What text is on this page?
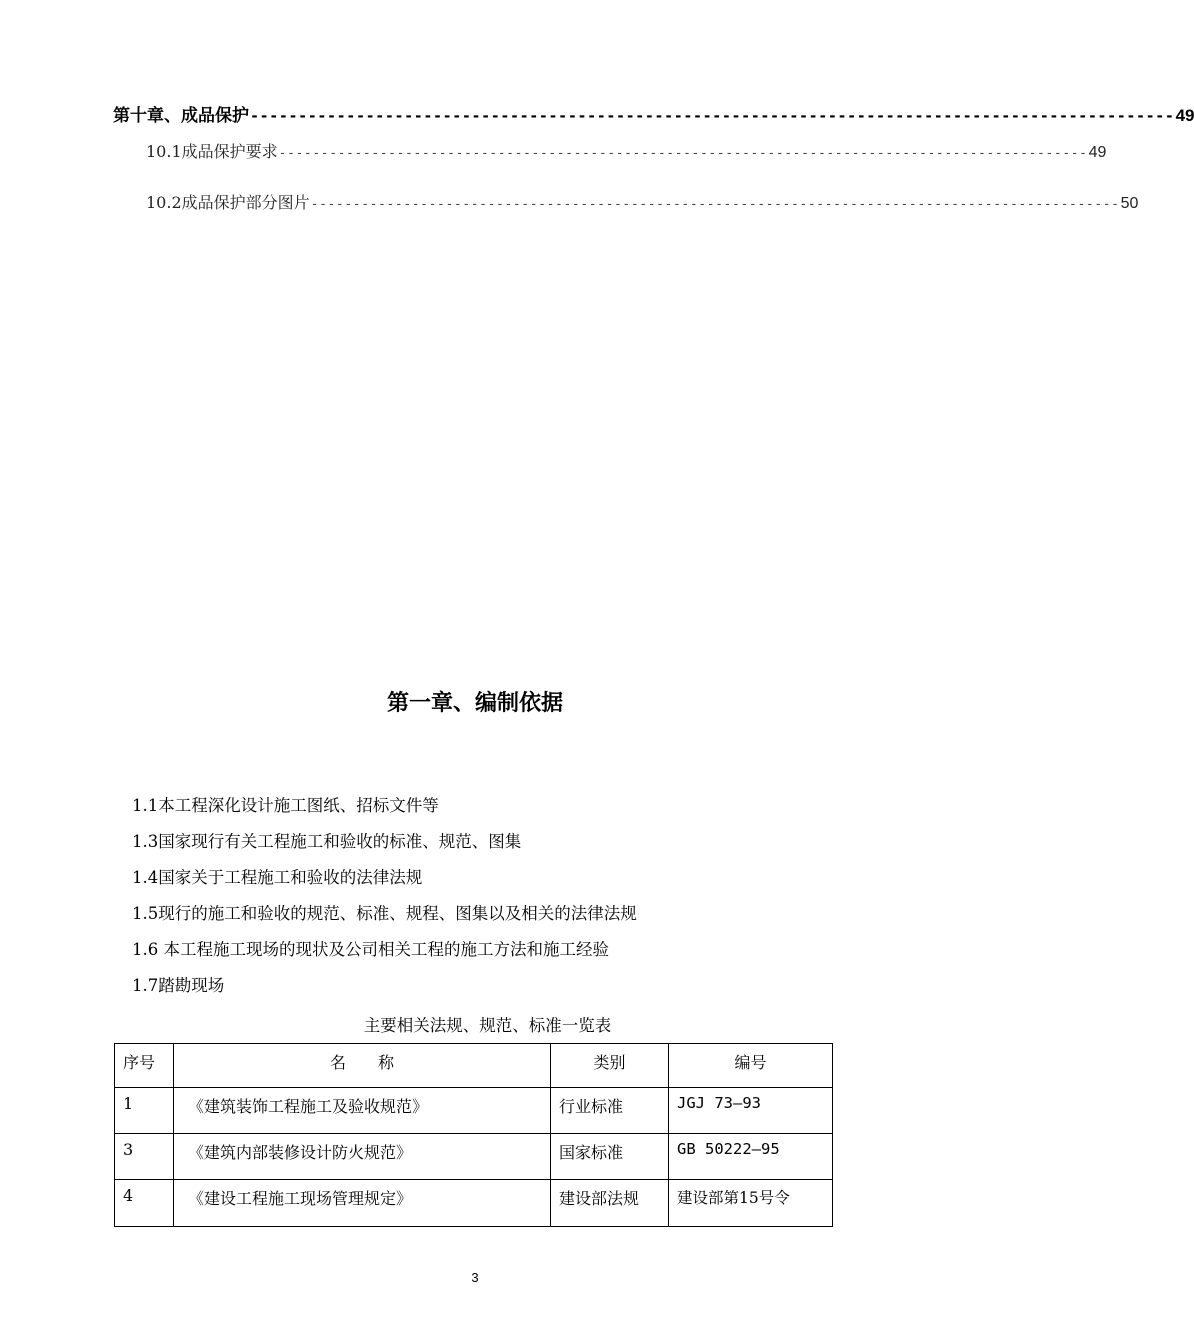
第十章、成品保护 ------------------------------------------------------------------------------------------------ 49
10.1成品保护要求 ------------------------------------------------------------------------------------------------ 49
10.2成品保护部分图片 ------------------------------------------------------------------------------------------------ 50
第一章、编制依据
1.1本工程深化设计施工图纸、招标文件等
1.3国家现行有关工程施工和验收的标准、规范、图集
1.4国家关于工程施工和验收的法律法规
1.5现行的施工和验收的规范、标准、规程、图集以及相关的法律法规
1.6 本工程施工现场的现状及公司相关工程的施工方法和施工经验
1.7踏勘现场
主要相关法规、规范、标准一览表
序号	名　　称	类别	编号
1	《建筑装饰工程施工及验收规范》	行业标准	JGJ 73—93
3	《建筑内部装修设计防火规范》	国家标准	GB 50222—95
4	《建设工程施工现场管理规定》	建设部法规	建设部第15号令
3
